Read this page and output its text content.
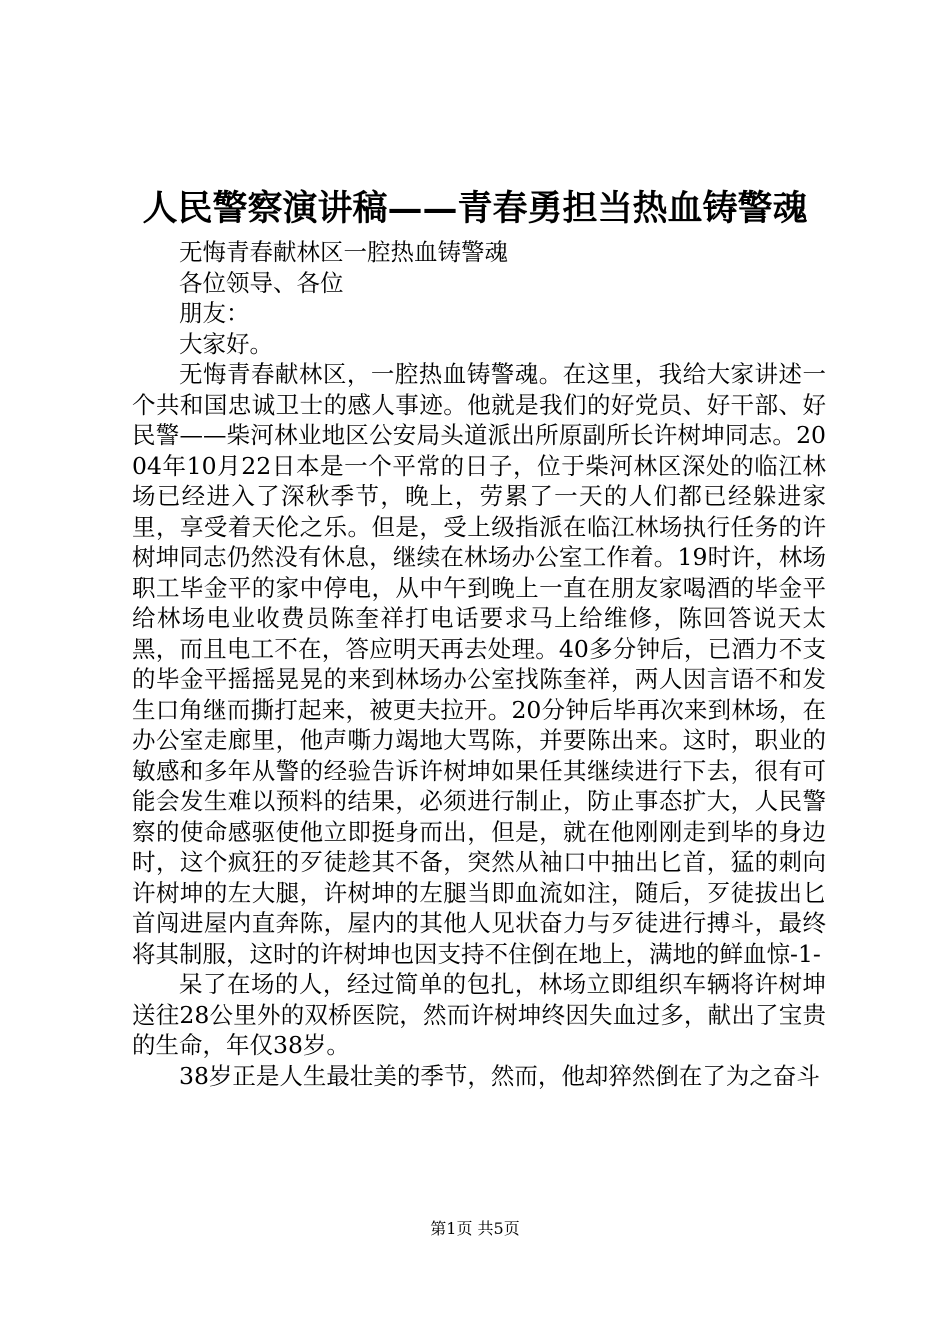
人民警察演讲稿——青春勇担当热血铸警魂

无悔青春献林区一腔热血铸警魂

各位领导、各位

朋友：

大家好。

无悔青春献林区，一腔热血铸警魂。在这里，我给大家讲述一个共和国忠诚卫士的感人事迹。他就是我们的好党员、好干部、好民警——柴河林业地区公安局头道派出所原副所长许树坤同志。2004年10月22日本是一个平常的日子，位于柴河林区深处的临江林场已经进入了深秋季节，晚上，劳累了一天的人们都已经躲进家里，享受着天伦之乐。但是，受上级指派在临江林场执行任务的许树坤同志仍然没有休息，继续在林场办公室工作着。19时许，林场职工毕金平的家中停电，从中午到晚上一直在朋友家喝酒的毕金平给林场电业收费员陈奎祥打电话要求马上给维修，陈回答说天太黑，而且电工不在，答应明天再去处理。40多分钟后，已酒力不支的毕金平摇摇晃晃的来到林场办公室找陈奎祥，两人因言语不和发生口角继而撕打起来，被更夫拉开。20分钟后毕再次来到林场，在办公室走廊里，他声嘶力竭地大骂陈，并要陈出来。这时，职业的敏感和多年从警的经验告诉许树坤如果任其继续进行下去，很有可能会发生难以预料的结果，必须进行制止，防止事态扩大，人民警察的使命感驱使他立即挺身而出，但是，就在他刚刚走到毕的身边时，这个疯狂的歹徒趁其不备，突然从袖口中抽出匕首，猛的刺向许树坤的左大腿，许树坤的左腿当即血流如注，随后，歹徒拔出匕首闯进屋内直奔陈，屋内的其他人见状奋力与歹徒进行搏斗，最终将其制服，这时的许树坤也因支持不住倒在地上，满地的鲜血惊-1-

呆了在场的人，经过简单的包扎，林场立即组织车辆将许树坤送往28公里外的双桥医院，然而许树坤终因失血过多，献出了宝贵的生命，年仅38岁。

38岁正是人生最壮美的季节，然而，他却猝然倒在了为之奋斗

第1页 共5页
